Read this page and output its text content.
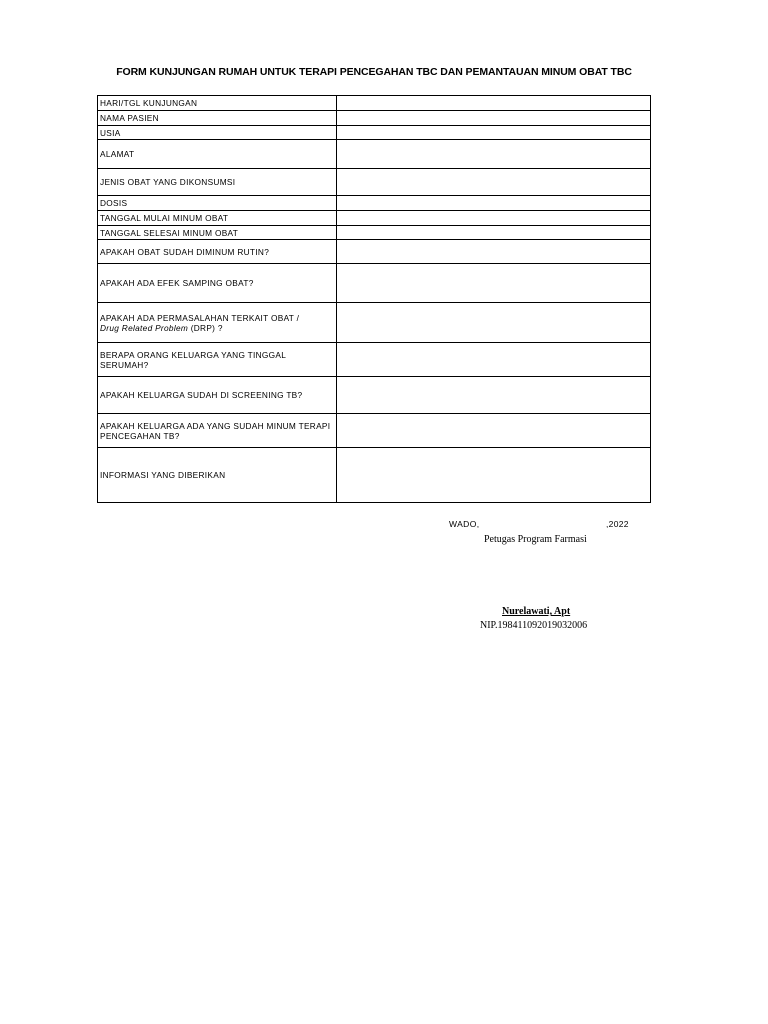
FORM KUNJUNGAN RUMAH UNTUK TERAPI PENCEGAHAN TBC DAN PEMANTAUAN MINUM OBAT TBC
HARI/TGL KUNJUNGAN	
NAMA PASIEN	
USIA	
ALAMAT	
JENIS OBAT YANG DIKONSUMSI	
DOSIS	
TANGGAL MULAI MINUM OBAT	
TANGGAL SELESAI MINUM OBAT	
APAKAH OBAT SUDAH DIMINUM RUTIN?	
APAKAH ADA EFEK SAMPING OBAT?	
APAKAH ADA PERMASALAHAN TERKAIT OBAT /
Drug Related Problem (DRP) ?	
BERAPA ORANG KELUARGA YANG TINGGAL SERUMAH?	
APAKAH KELUARGA SUDAH DI SCREENING TB?	
APAKAH KELUARGA ADA YANG SUDAH MINUM TERAPI PENCEGAHAN TB?	
INFORMASI YANG DIBERIKAN	
WADO,	,2022
Petugas Program Farmasi
Nurelawati, Apt
NIP.198411092019032006
